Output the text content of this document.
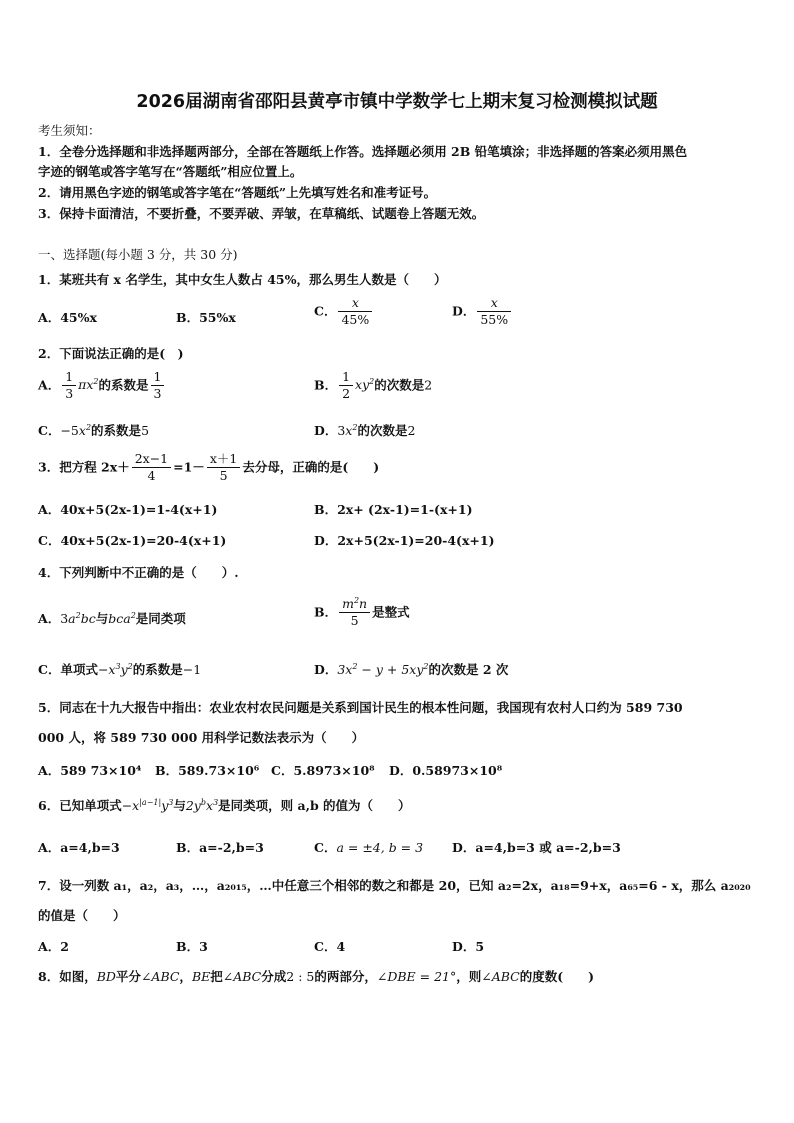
2026届湖南省邵阳县黄亭市镇中学数学七上期末复习检测模拟试题
考生须知：
1．全卷分选择题和非选择题两部分，全部在答题纸上作答。选择题必须用 2B 铅笔填涂；非选择题的答案必须用黑色
字迹的钢笔或答字笔写在“答题纸”相应位置上。
2．请用黑色字迹的钢笔或答字笔在“答题纸”上先填写姓名和准考证号。
3．保持卡面清洁，不要折叠，不要弄破、弄皱，在草稿纸、试题卷上答题无效。
一、选择题(每小题 3 分，共 30 分)
1．某班共有 x 名学生，其中女生人数占 45%，那么男生人数是（　　）
A．45%x	B．55%x	C． $\frac{x}{45\%}$	D． $\frac{x}{55\%}$
2．下面说法正确的是(　)
A． $\frac{1}{3} \pi x^2$的系数是 $\frac{1}{3}$	B． $\frac{1}{2} xy^2$的次数是2
C．$-5x^2$的系数是5	D．$3x^2$的次数是2
3．把方程 $2x+ \frac{2x-1}{4} =1- \frac{x+1}{5}$ 去分母，正确的是(　　)
A．40x+5(2x-1)=1-4(x+1)	B．2x+ (2x-1)=1-(x+1)
C．40x+5(2x-1)=20-4(x+1)	D．2x+5(2x-1)=20-4(x+1)
4．下列判断中不正确的是（　　）.
A．$3a^2bc$与bca$^2$是同类项	B． $\frac{m^2n}{5}$ 是整式
C．单项式$-x^3y^2$的系数是−1	D．$3x^2 - y + 5xy^2$的次数是 2 次
5．同志在十九大报告中指出：农业农村农民问题是关系到国计民生的根本性问题，我国现有农村人口约为 589 730
000 人，将 589 730 000 用科学记数法表示为（　　）
A．589 73×10⁴ B．589.73×10⁶ C．5.8973×10⁸ D．0.58973×10⁸
6．已知单项式$-x^{|a-1|}y^3$与$2y^bx^3$是同类项，则 a,b 的值为（　　）
A．a=4,b=3	B．a=-2,b=3	C．a = ±4, b = 3 D．a=4,b=3 或 a=-2,b=3
7．设一列数 a₁，a₂，a₃，…，a₂₀₁₅，…中任意三个相邻的数之和都是 20，已知 a₂=2x，a₁₈=9+x，a₆₅=6 - x，那么 a₂₀₂₀
的值是（　　）
A．2	B．3	C．4	D．5
8．如图，BD平分∠ABC，BE把∠ABC分成2 : 5的两部分，∠DBE = 21°，则∠ABC的度数(　　)
